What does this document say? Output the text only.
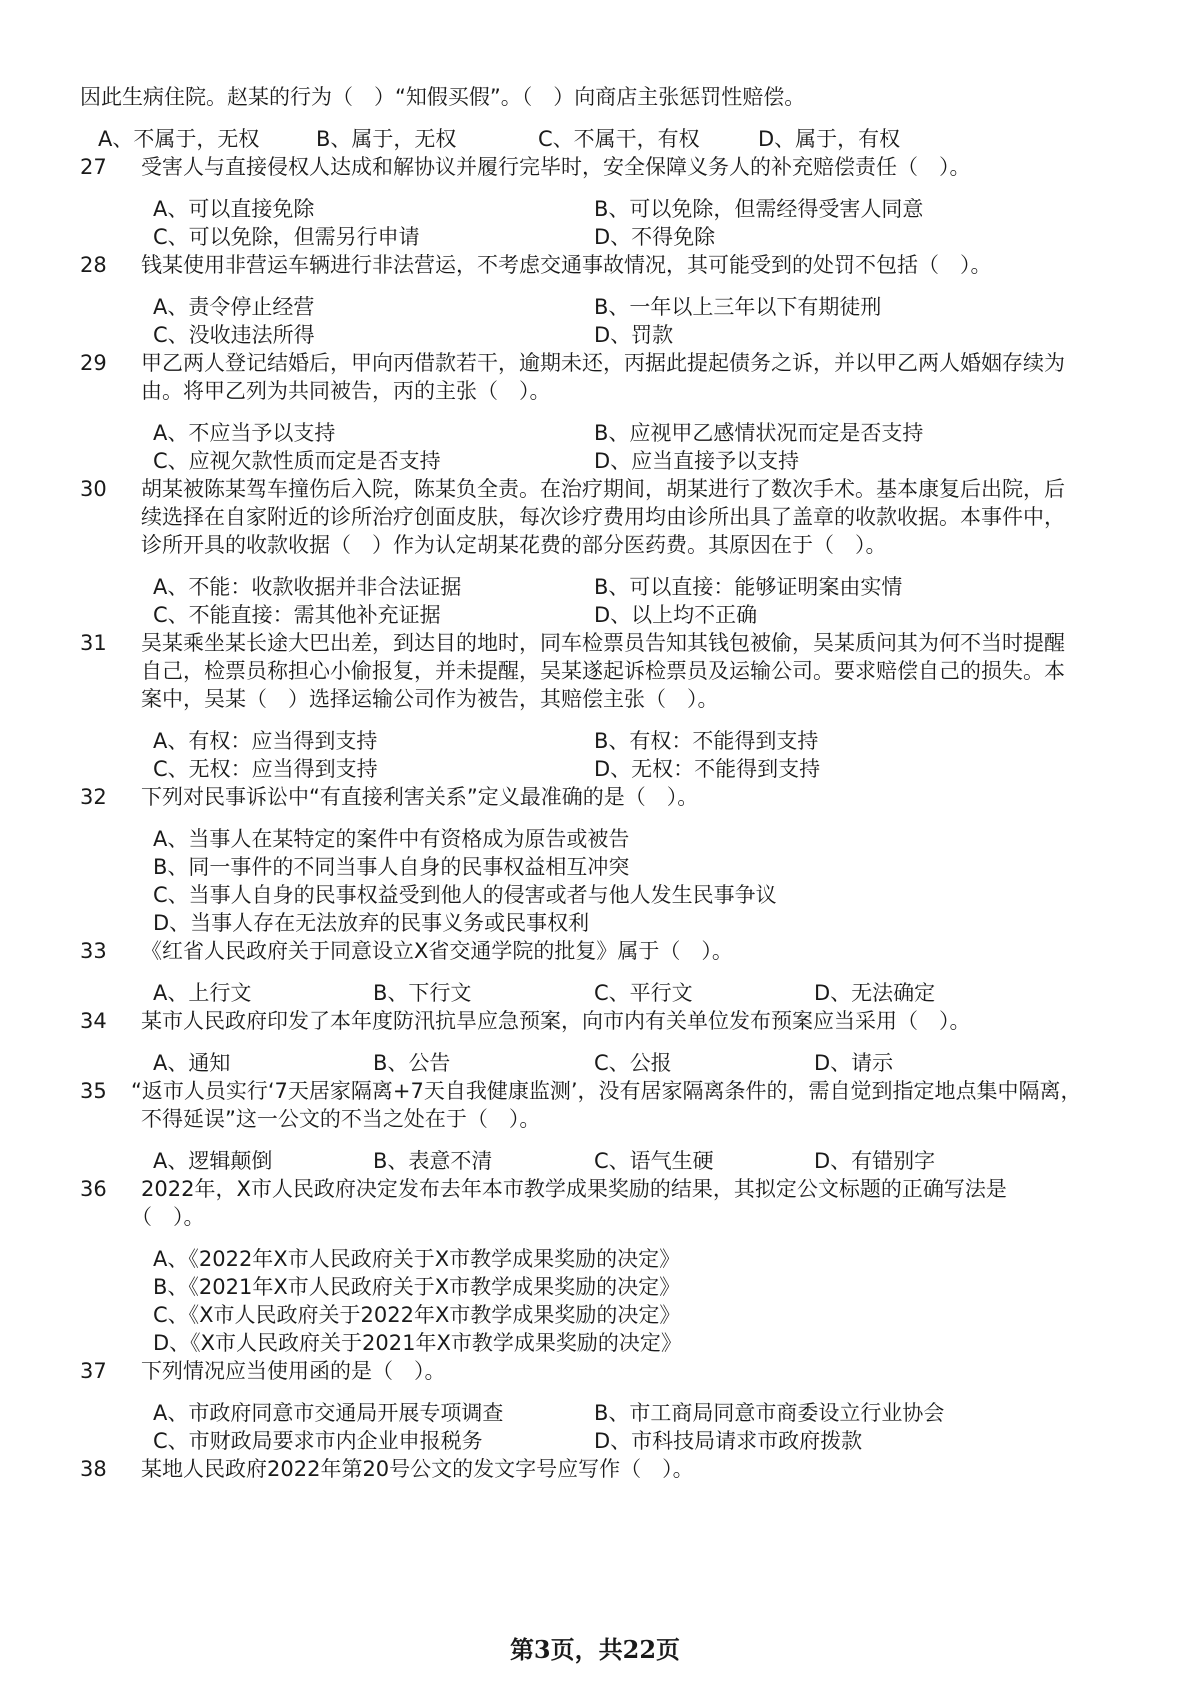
因此生病住院。赵某的行为（　）“知假买假”。（　）向商店主张惩罚性赔偿。
A、不属于，无权	B、属于，无权	C、不属干，有权	D、属于，有权
27 受害人与直接侵权人达成和解协议并履行完毕时，安全保障义务人的补充赔偿责任（　）。
A、可以直接免除	B、可以免除，但需经得受害人同意
C、可以免除，但需另行申请	D、不得免除
28 钱某使用非营运车辆进行非法营运，不考虑交通事故情况，其可能受到的处罚不包括（　）。
A、责令停止经营	B、一年以上三年以下有期徒刑
C、没收违法所得	D、罚款
29 甲乙两人登记结婚后，甲向丙借款若干，逾期未还，丙据此提起债务之诉，并以甲乙两人婚姻存续为
由。将甲乙列为共同被告，丙的主张（　）。
A、不应当予以支持	B、应视甲乙感情状况而定是否支持
C、应视欠款性质而定是否支持	D、应当直接予以支持
30 胡某被陈某驾车撞伤后入院，陈某负全责。在治疗期间，胡某进行了数次手术。基本康复后出院，后
续选择在自家附近的诊所治疗创面皮肤，每次诊疗费用均由诊所出具了盖章的收款收据。本事件中，
诊所开具的收款收据（　）作为认定胡某花费的部分医药费。其原因在于（　）。
A、不能：收款收据并非合法证据	B、可以直接：能够证明案由实情
C、不能直接：需其他补充证据	D、以上均不正确
31 吴某乘坐某长途大巴出差，到达目的地时，同车检票员告知其钱包被偷，吴某质问其为何不当时提醒
自己，检票员称担心小偷报复，并未提醒，吴某遂起诉检票员及运输公司。要求赔偿自己的损失。本
案中，吴某（　）选择运输公司作为被告，其赔偿主张（　）。
A、有权：应当得到支持	B、有权：不能得到支持
C、无权：应当得到支持	D、无权：不能得到支持
32 下列对民事诉讼中“有直接利害关系”定义最准确的是（　）。
A、当事人在某特定的案件中有资格成为原告或被告
B、同一事件的不同当事人自身的民事权益相互冲突
C、当事人自身的民事权益受到他人的侵害或者与他人发生民事争议
D、当事人存在无法放弃的民事义务或民事权利
33 《红省人民政府关于同意设立X省交通学院的批复》属于（　）。
A、上行文	B、下行文	C、平行文	D、无法确定
34 某市人民政府印发了本年度防汛抗旱应急预案，向市内有关单位发布预案应当采用（　）。
A、通知	B、公告	C、公报	D、请示
35 “返市人员实行‘7天居家隔离+7天自我健康监测’，没有居家隔离条件的，需自觉到指定地点集中隔离，
不得延误”这一公文的不当之处在于（　）。
A、逻辑颠倒	B、表意不清	C、语气生硬	D、有错别字
36 2022年，X市人民政府决定发布去年本市教学成果奖励的结果，其拟定公文标题的正确写法是
（　）。
A、《2022年X市人民政府关于X市教学成果奖励的决定》
B、《2021年X市人民政府关于X市教学成果奖励的决定》
C、《X市人民政府关于2022年X市教学成果奖励的决定》
D、《X市人民政府关于2021年X市教学成果奖励的决定》
37 下列情况应当使用函的是（　）。
A、市政府同意市交通局开展专项调查	B、市工商局同意市商委设立行业协会
C、市财政局要求市内企业申报税务	D、市科技局请求市政府拨款
38 某地人民政府2022年第20号公文的发文字号应写作（　）。
第3页，共22页
